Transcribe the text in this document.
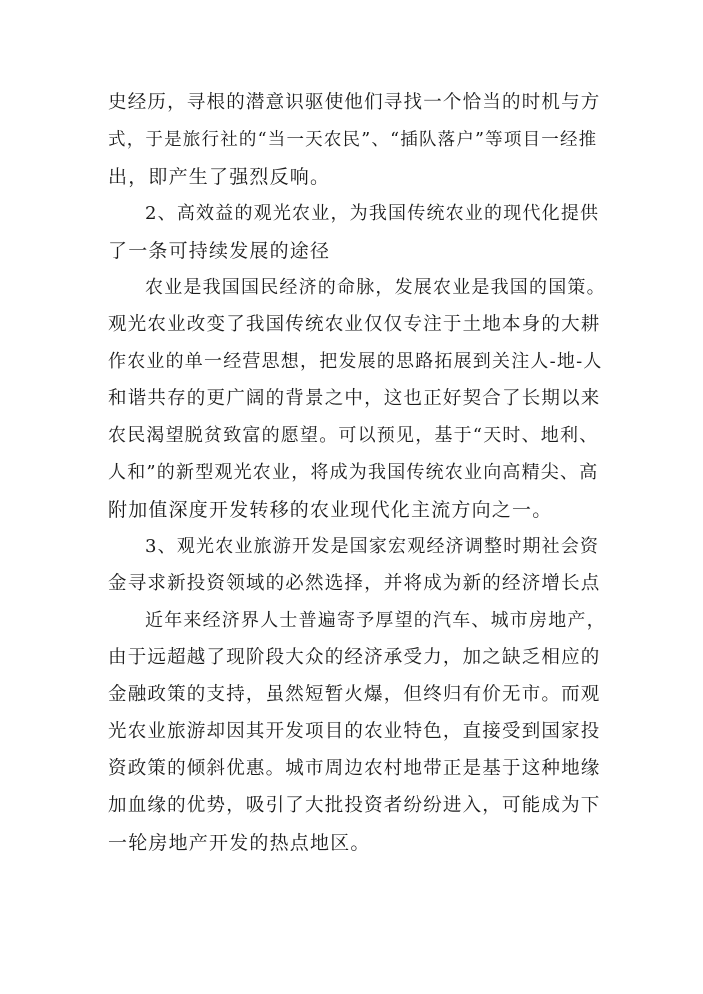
史经历，寻根的潜意识驱使他们寻找一个恰当的时机与方
式，于是旅行社的“当一天农民”、“插队落户”等项目一经推
出，即产生了强烈反响。
2、高效益的观光农业，为我国传统农业的现代化提供
了一条可持续发展的途径
农业是我国国民经济的命脉，发展农业是我国的国策。
观光农业改变了我国传统农业仅仅专注于土地本身的大耕
作农业的单一经营思想，把发展的思路拓展到关注人-地-人
和谐共存的更广阔的背景之中，这也正好契合了长期以来
农民渴望脱贫致富的愿望。可以预见，基于“天时、地利、
人和”的新型观光农业，将成为我国传统农业向高精尖、高
附加值深度开发转移的农业现代化主流方向之一。
3、观光农业旅游开发是国家宏观经济调整时期社会资
金寻求新投资领域的必然选择，并将成为新的经济增长点
近年来经济界人士普遍寄予厚望的汽车、城市房地产，
由于远超越了现阶段大众的经济承受力，加之缺乏相应的
金融政策的支持，虽然短暂火爆，但终归有价无市。而观
光农业旅游却因其开发项目的农业特色，直接受到国家投
资政策的倾斜优惠。城市周边农村地带正是基于这种地缘
加血缘的优势，吸引了大批投资者纷纷进入，可能成为下
一轮房地产开发的热点地区。
